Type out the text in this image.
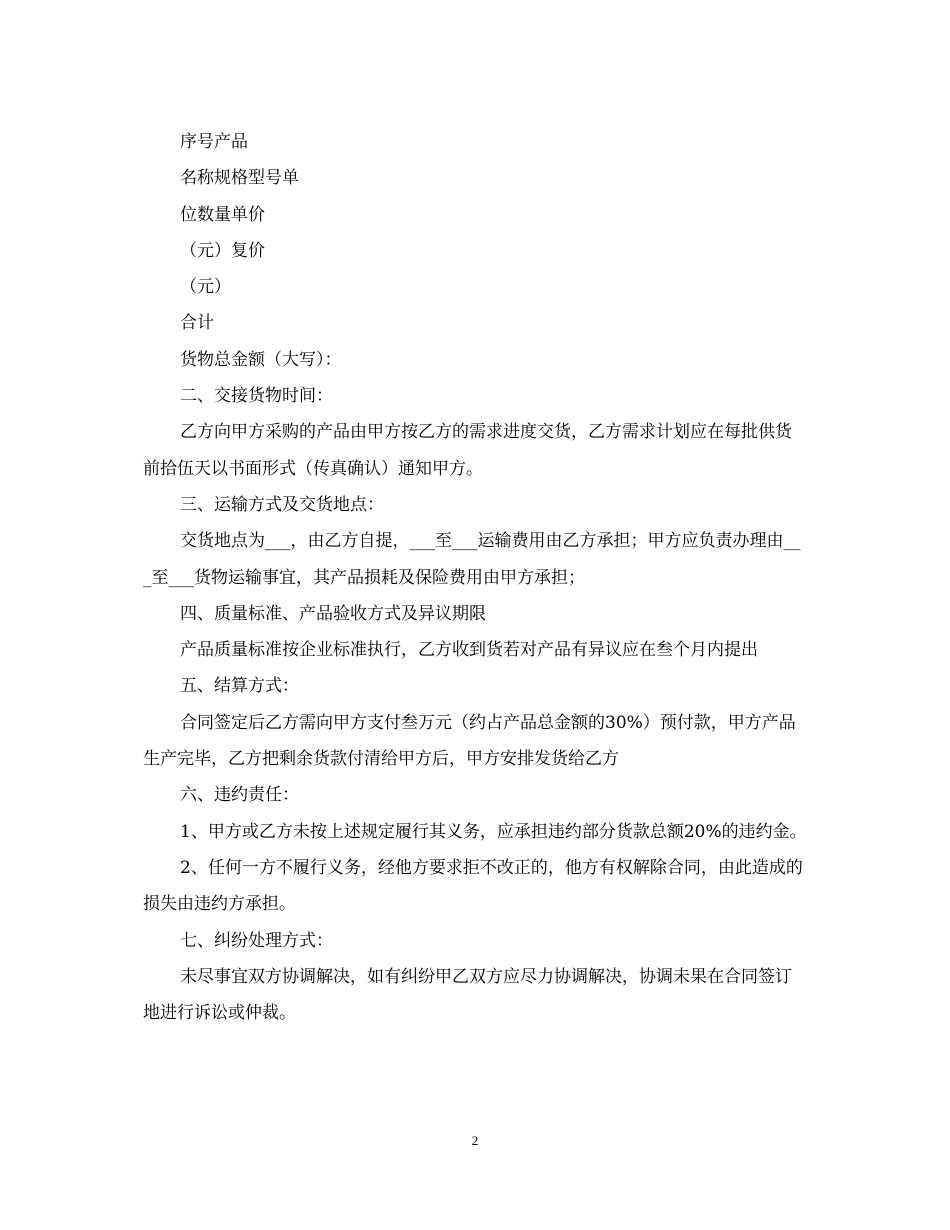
序号产品

名称规格型号单

位数量单价

（元）复价

（元）

合计

货物总金额（大写）：

二、交接货物时间：

乙方向甲方采购的产品由甲方按乙方的需求进度交货，乙方需求计划应在每批供货前拾伍天以书面形式（传真确认）通知甲方。

三、运输方式及交货地点：

交货地点为___，由乙方自提，___至___运输费用由乙方承担；甲方应负责办理由___至___货物运输事宜，其产品损耗及保险费用由甲方承担；

四、质量标准、产品验收方式及异议期限

产品质量标准按企业标准执行，乙方收到货若对产品有异议应在叁个月内提出

五、结算方式：

合同签定后乙方需向甲方支付叁万元（约占产品总金额的30%）预付款，甲方产品生产完毕，乙方把剩余货款付清给甲方后，甲方安排发货给乙方

六、违约责任：

1、甲方或乙方未按上述规定履行其义务，应承担违约部分货款总额20%的违约金。

2、任何一方不履行义务，经他方要求拒不改正的，他方有权解除合同，由此造成的损失由违约方承担。

七、纠纷处理方式：

未尽事宜双方协调解决，如有纠纷甲乙双方应尽力协调解决，协调未果在合同签订地进行诉讼或仲裁。

2
